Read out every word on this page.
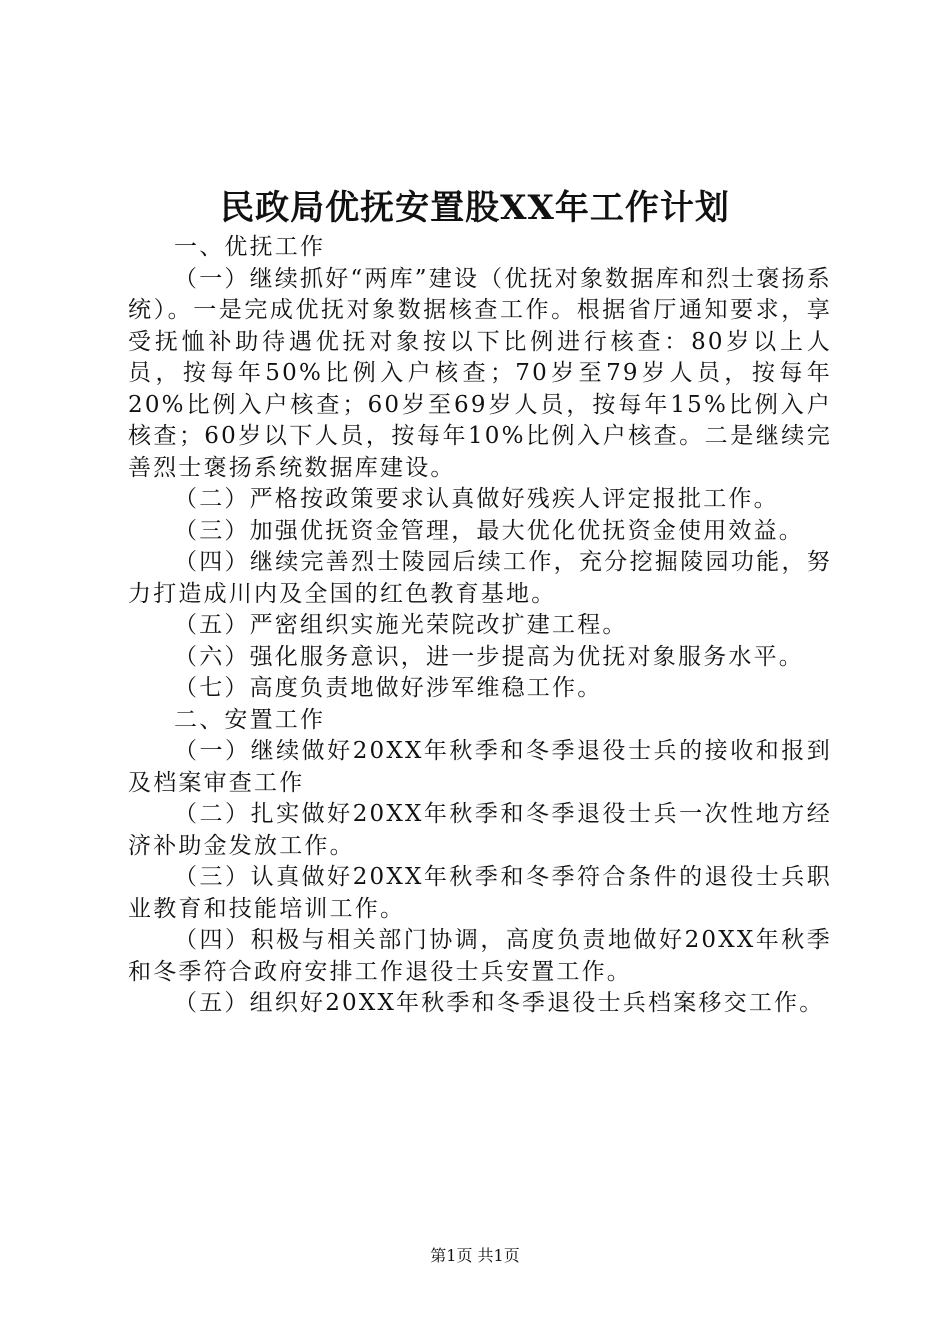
民政局优抚安置股XX年工作计划

一、优抚工作

（一）继续抓好“两库”建设（优抚对象数据库和烈士褒扬系统）。一是完成优抚对象数据核查工作。根据省厅通知要求，享受抚恤补助待遇优抚对象按以下比例进行核查：80岁以上人员，按每年50%比例入户核查；70岁至79岁人员，按每年20%比例入户核查；60岁至69岁人员，按每年15%比例入户核查；60岁以下人员，按每年10%比例入户核查。二是继续完善烈士褒扬系统数据库建设。

（二）严格按政策要求认真做好残疾人评定报批工作。

（三）加强优抚资金管理，最大优化优抚资金使用效益。

（四）继续完善烈士陵园后续工作，充分挖掘陵园功能，努力打造成川内及全国的红色教育基地。

（五）严密组织实施光荣院改扩建工程。

（六）强化服务意识，进一步提高为优抚对象服务水平。

（七）高度负责地做好涉军维稳工作。

二、安置工作

（一）继续做好20XX年秋季和冬季退役士兵的接收和报到及档案审查工作

（二）扎实做好20XX年秋季和冬季退役士兵一次性地方经济补助金发放工作。

（三）认真做好20XX年秋季和冬季符合条件的退役士兵职业教育和技能培训工作。

（四）积极与相关部门协调，高度负责地做好20XX年秋季和冬季符合政府安排工作退役士兵安置工作。

（五）组织好20XX年秋季和冬季退役士兵档案移交工作。

第1页 共1页
